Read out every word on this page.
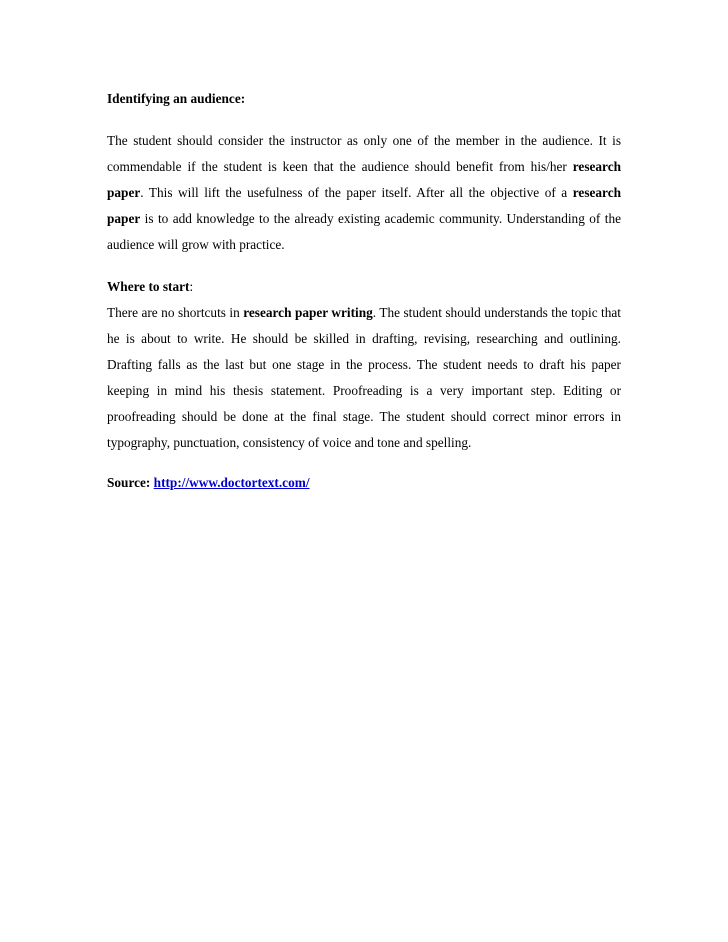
Identifying an audience:

The student should consider the instructor as only one of the member in the audience. It is commendable if the student is keen that the audience should benefit from his/her research paper. This will lift the usefulness of the paper itself. After all the objective of a research paper is to add knowledge to the already existing academic community. Understanding of the audience will grow with practice.

Where to start:

There are no shortcuts in research paper writing. The student should understands the topic that he is about to write. He should be skilled in drafting, revising, researching and outlining. Drafting falls as the last but one stage in the process. The student needs to draft his paper keeping in mind his thesis statement. Proofreading is a very important step. Editing or proofreading should be done at the final stage. The student should correct minor errors in typography, punctuation, consistency of voice and tone and spelling.

Source: http://www.doctortext.com/
